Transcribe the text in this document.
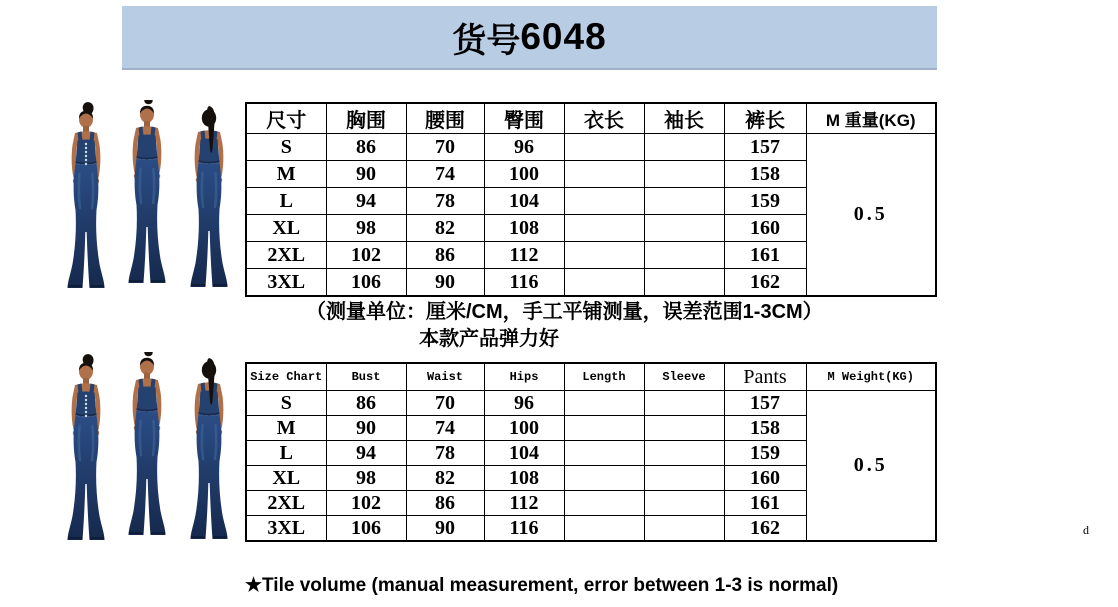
货号 6048
尺寸	胸围	腰围	臀围	衣长	袖长	裤长	M 重量(KG)
S	86	70	96			157	0.5
M	90	74	100			158	
L	94	78	104			159	
XL	98	82	108			160	
2XL	102	86	112			161	
3XL	106	90	116			162	
（测量单位：厘米/CM，手工平铺测量，误差范围1-3CM）
本款产品弹力好
Size Chart	Bust	Waist	Hips	Length	Sleeve	Pants	M Weight(KG)
S	86	70	96			157	0.5
M	90	74	100			158	
L	94	78	104			159	
XL	98	82	108			160	
2XL	102	86	112			161	
3XL	106	90	116			162	
★Tile volume (manual measurement, error between 1-3 is normal)
d
